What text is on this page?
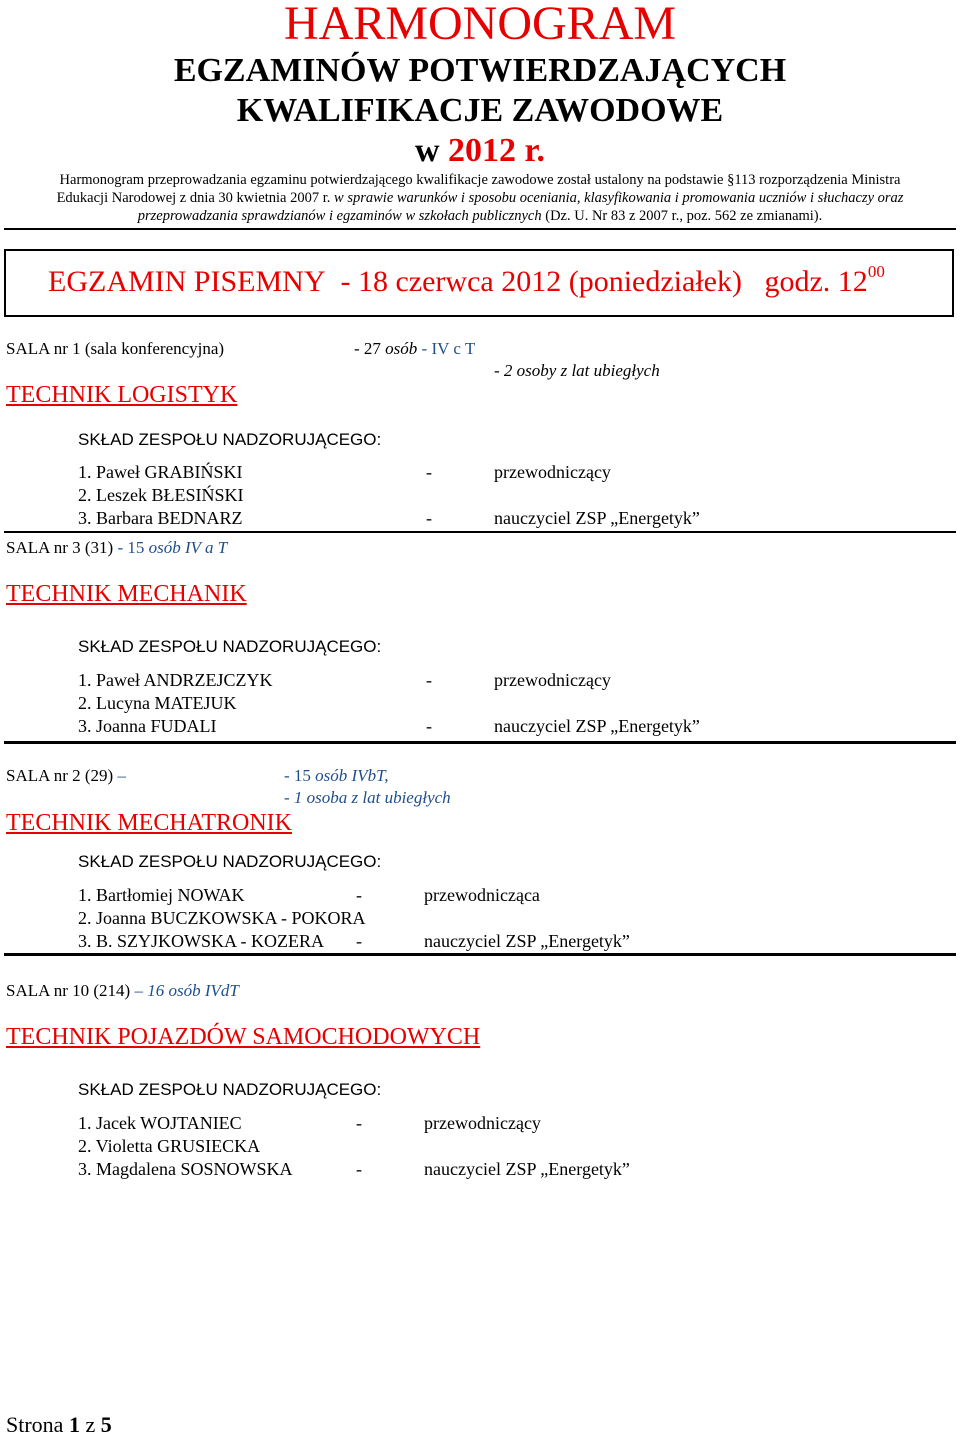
HARMONOGRAM
EGZAMINÓW POTWIERDZAJĄCYCH
KWALIFIKACJE ZAWODOWE
w 2012 r.
Harmonogram przeprowadzania egzaminu potwierdzającego kwalifikacje zawodowe został ustalony na podstawie §113 rozporządzenia Ministra
Edukacji Narodowej z dnia 30 kwietnia 2007 r. w sprawie warunków i sposobu oceniania, klasyfikowania i promowania uczniów i słuchaczy oraz
przeprowadzania sprawdzianów i egzaminów w szkołach publicznych (Dz. U. Nr 83 z 2007 r., poz. 562 ze zmianami).
EGZAMIN PISEMNY - 18 czerwca 2012 (poniedziałek) godz. $12^{00}$
SALA nr 1 (sala konferencyjna)	- 27 osób - IV c T
- 2 osoby z lat ubiegłych
TECHNIK LOGISTYK
SKŁAD ZESPOŁU NADZORUJĄCEGO:
1. Paweł GRABIŃSKI	-	przewodniczący
2. Leszek BŁESIŃSKI
3. Barbara BEDNARZ	-	nauczyciel ZSP „Energetyk”
SALA nr 3 (31) - 15 osób IV a T
TECHNIK MECHANIK
SKŁAD ZESPOŁU NADZORUJĄCEGO:
1. Paweł ANDRZEJCZYK	-	przewodniczący
2. Lucyna MATEJUK
3. Joanna FUDALI	-	nauczyciel ZSP „Energetyk”
SALA nr 2 (29) –	- 15 osób IVbT,
- 1 osoba z lat ubiegłych
TECHNIK MECHATRONIK
SKŁAD ZESPOŁU NADZORUJĄCEGO:
1. Bartłomiej NOWAK	-	przewodnicząca
2. Joanna BUCZKOWSKA - POKORA
3. B. SZYJKOWSKA - KOZERA -	nauczyciel ZSP „Energetyk”
SALA nr 10 (214) – 16 osób IVdT
TECHNIK POJAZDÓW SAMOCHODOWYCH
SKŁAD ZESPOŁU NADZORUJĄCEGO:
1. Jacek WOJTANIEC	-	przewodniczący
2. Violetta GRUSIECKA
3. Magdalena SOSNOWSKA	-	nauczyciel ZSP „Energetyk”
Strona 1 z 5
